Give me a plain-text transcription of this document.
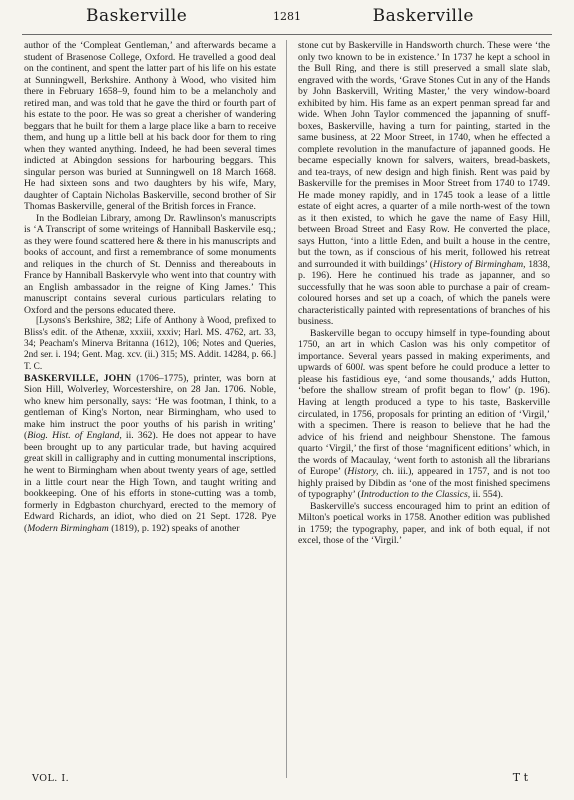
Baskerville	1281	Baskerville

author of the ‘Compleat Gentleman,’ and afterwards became a student of Brasenose College, Oxford. He travelled a good deal on the continent, and spent the latter part of his life on his estate at Sunningwell, Berkshire. Anthony à Wood, who visited him there in February 1658–9, found him to be a melancholy and retired man, and was told that he gave the third or fourth part of his estate to the poor. He was so great a cherisher of wandering beggars that he built for them a large place like a barn to receive them, and hung up a little bell at his back door for them to ring when they wanted anything. Indeed, he had been several times indicted at Abingdon sessions for harbouring beggars. This singular person was buried at Sunningwell on 18 March 1668. He had sixteen sons and two daughters by his wife, Mary, daughter of Captain Nicholas Baskerville, second brother of Sir Thomas Baskerville, general of the British forces in France.

In the Bodleian Library, among Dr. Rawlinson's manuscripts is ‘A Transcript of some writeings of Hanniball Baskervile esq.; as they were found scattered here & there in his manuscripts and books of account, and first a remembrance of some monuments and reliques in the church of St. Denniss and thereabouts in France by Hanniball Baskervyle who went into that country with an English ambassador in the reigne of King James.’ This manuscript contains several curious particulars relating to Oxford and the persons educated there.

[Lysons's Berkshire, 382; Life of Anthony à Wood, prefixed to Bliss's edit. of the Athenæ, xxxiii, xxxiv; Harl. MS. 4762, art. 33, 34; Peacham's Minerva Britanna (1612), 106; Notes and Queries, 2nd ser. i. 194; Gent. Mag. xcv. (ii.) 315; MS. Addit. 14284, p. 66.] T. C.

BASKERVILLE, JOHN (1706–1775), printer, was born at Sion Hill, Wolverley, Worcestershire, on 28 Jan. 1706. Noble, who knew him personally, says: ‘He was footman, I think, to a gentleman of King's Norton, near Birmingham, who used to make him instruct the poor youths of his parish in writing’ (Biog. Hist. of England, ii. 362). He does not appear to have been brought up to any particular trade, but having acquired great skill in calligraphy and in cutting monumental inscriptions, he went to Birmingham when about twenty years of age, settled in a little court near the High Town, and taught writing and bookkeeping. One of his efforts in stone-cutting was a tomb, formerly in Edgbaston churchyard, erected to the memory of Edward Richards, an idiot, who died on 21 Sept. 1728. Pye (Modern Birmingham (1819), p. 192) speaks of another

stone cut by Baskerville in Handsworth church. These were ‘the only two known to be in existence.’ In 1737 he kept a school in the Bull Ring, and there is still preserved a small slate slab, engraved with the words, ‘Grave Stones Cut in any of the Hands by John Baskervill, Writing Master,’ the very window-board exhibited by him. His fame as an expert penman spread far and wide. When John Taylor commenced the japanning of snuff-boxes, Baskerville, having a turn for painting, started in the same business, at 22 Moor Street, in 1740, when he effected a complete revolution in the manufacture of japanned goods. He became especially known for salvers, waiters, bread-baskets, and tea-trays, of new design and high finish. Rent was paid by Baskerville for the premises in Moor Street from 1740 to 1749. He made money rapidly, and in 1745 took a lease of a little estate of eight acres, a quarter of a mile north-west of the town as it then existed, to which he gave the name of Easy Hill, between Broad Street and Easy Row. He converted the place, says Hutton, ‘into a little Eden, and built a house in the centre, but the town, as if conscious of his merit, followed his retreat and surrounded it with buildings’ (History of Birmingham, 1838, p. 196). Here he continued his trade as japanner, and so successfully that he was soon able to purchase a pair of cream-coloured horses and set up a coach, of which the panels were characteristically painted with representations of branches of his business.

Baskerville began to occupy himself in type-founding about 1750, an art in which Caslon was his only competitor of importance. Several years passed in making experiments, and upwards of 600l. was spent before he could produce a letter to please his fastidious eye, ‘and some thousands,’ adds Hutton, ‘before the shallow stream of profit began to flow’ (p. 196). Having at length produced a type to his taste, Baskerville circulated, in 1756, proposals for printing an edition of ‘Virgil,’ with a specimen. There is reason to believe that he had the advice of his friend and neighbour Shenstone. The famous quarto ‘Virgil,’ the first of those ‘magnificent editions’ which, in the words of Macaulay, ‘went forth to astonish all the librarians of Europe’ (History, ch. iii.), appeared in 1757, and is not too highly praised by Dibdin as ‘one of the most finished specimens of typography’ (Introduction to the Classics, ii. 554).

Baskerville's success encouraged him to print an edition of Milton's poetical works in 1758. Another edition was published in 1759; the typography, paper, and ink of both equal, if not excel, those of the ‘Virgil.’

VOL. I.	T t
